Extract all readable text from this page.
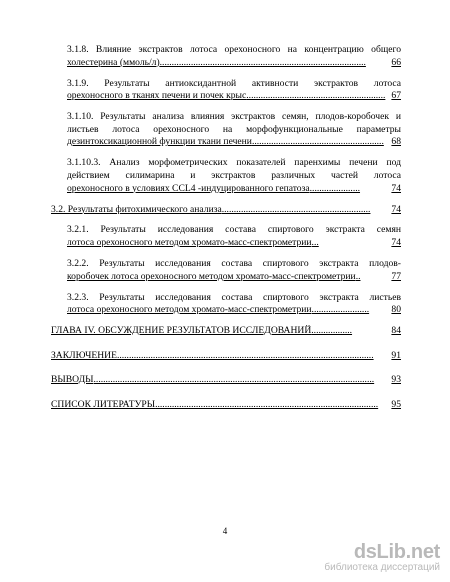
3.1.8. Влияние экстрактов лотоса орехоносного на концентрацию общего
холестерина (ммоль/л) ......................................................................................	66
3.1.9. Результаты антиоксидантной активности экстрактов лотоса
орехоносного в тканях печени и почек крыс .......................................................... 67
3.1.10. Результаты анализа влияния экстрактов семян, плодов-коробочек и
листьев лотоса орехоносного на морфофункциональные параметры
дезинтоксикационной функции ткани печени ....................................................... 68
3.1.10.3. Анализ морфометрических показателей паренхимы печени под
действием силимарина и экстрактов различных частей лотоса
орехоносного в условиях CCL4 -индуцированного гепатоза .....................	74
3.2. Результаты фитохимического анализа ..............................................................	74
3.2.1. Результаты исследования состава спиртового экстракта семян
лотоса орехоносного методом хромато-масс-спектрометрии ...	74
3.2.2. Результаты исследования состава спиртового экстракта плодов-
коробочек лотоса орехоносного методом хромато-масс-спектрометрии ..	77
3.2.3. Результаты исследования состава спиртового экстракта листьев
лотоса орехоносного методом хромато-масс-спектрометрии ........................	80
ГЛАВА IV. ОБСУЖДЕНИЕ РЕЗУЛЬТАТОВ ИССЛЕДОВАНИЙ .................	84
ЗАКЛЮЧЕНИЕ ...........................................................................................................	91
ВЫВОДЫ .....................................................................................................................	93
СПИСОК ЛИТЕРАТУРЫ .............................................................................................	95
4
dsLib.net
библиотека диссертаций
